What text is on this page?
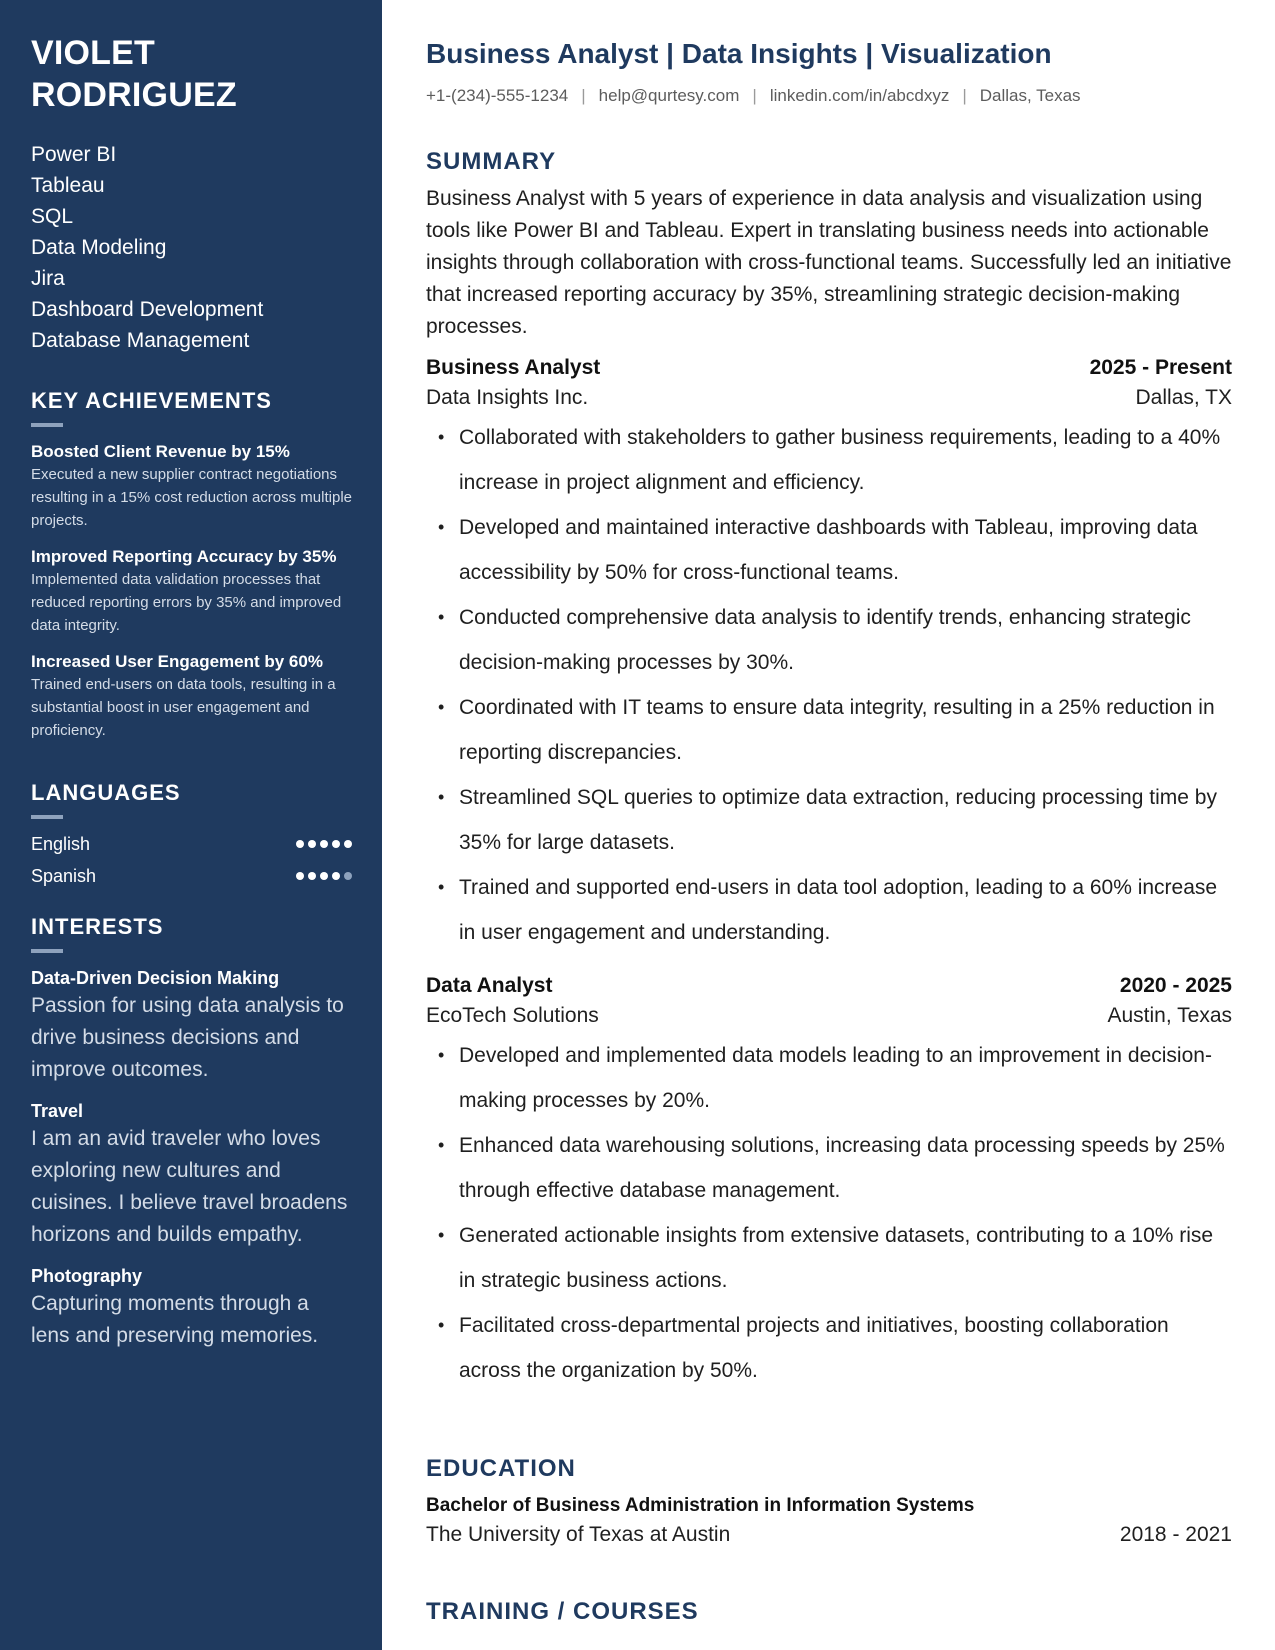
VIOLET RODRIGUEZ
Power BI
Tableau
SQL
Data Modeling
Jira
Dashboard Development
Database Management
KEY ACHIEVEMENTS
Boosted Client Revenue by 15%
Executed a new supplier contract negotiations resulting in a 15% cost reduction across multiple projects.
Improved Reporting Accuracy by 35%
Implemented data validation processes that reduced reporting errors by 35% and improved data integrity.
Increased User Engagement by 60%
Trained end-users on data tools, resulting in a substantial boost in user engagement and proficiency.
LANGUAGES
English
Spanish
INTERESTS
Data-Driven Decision Making
Passion for using data analysis to drive business decisions and improve outcomes.
Travel
I am an avid traveler who loves exploring new cultures and cuisines. I believe travel broadens horizons and builds empathy.
Photography
Capturing moments through a lens and preserving memories.
Business Analyst | Data Insights | Visualization
+1-(234)-555-1234 | help@qurtesy.com | linkedin.com/in/abcdxyz | Dallas, Texas
SUMMARY

Business Analyst with 5 years of experience in data analysis and visualization using tools like Power BI and Tableau. Expert in translating business needs into actionable insights through collaboration with cross-functional teams. Successfully led an initiative that increased reporting accuracy by 35%, streamlining strategic decision-making processes.

Business Analyst	2025 - Present
Data Insights Inc.	Dallas, TX
• Collaborated with stakeholders to gather business requirements, leading to a 40% increase in project alignment and efficiency.
• Developed and maintained interactive dashboards with Tableau, improving data accessibility by 50% for cross-functional teams.
• Conducted comprehensive data analysis to identify trends, enhancing strategic decision-making processes by 30%.
• Coordinated with IT teams to ensure data integrity, resulting in a 25% reduction in reporting discrepancies.
• Streamlined SQL queries to optimize data extraction, reducing processing time by 35% for large datasets.
• Trained and supported end-users in data tool adoption, leading to a 60% increase in user engagement and understanding.
Data Analyst	2020 - 2025
EcoTech Solutions	Austin, Texas
• Developed and implemented data models leading to an improvement in decision-making processes by 20%.
• Enhanced data warehousing solutions, increasing data processing speeds by 25% through effective database management.
• Generated actionable insights from extensive datasets, contributing to a 10% rise in strategic business actions.
• Facilitated cross-departmental projects and initiatives, boosting collaboration across the organization by 50%.
EDUCATION
Bachelor of Business Administration in Information Systems
The University of Texas at Austin	2018 - 2021
TRAINING / COURSES
